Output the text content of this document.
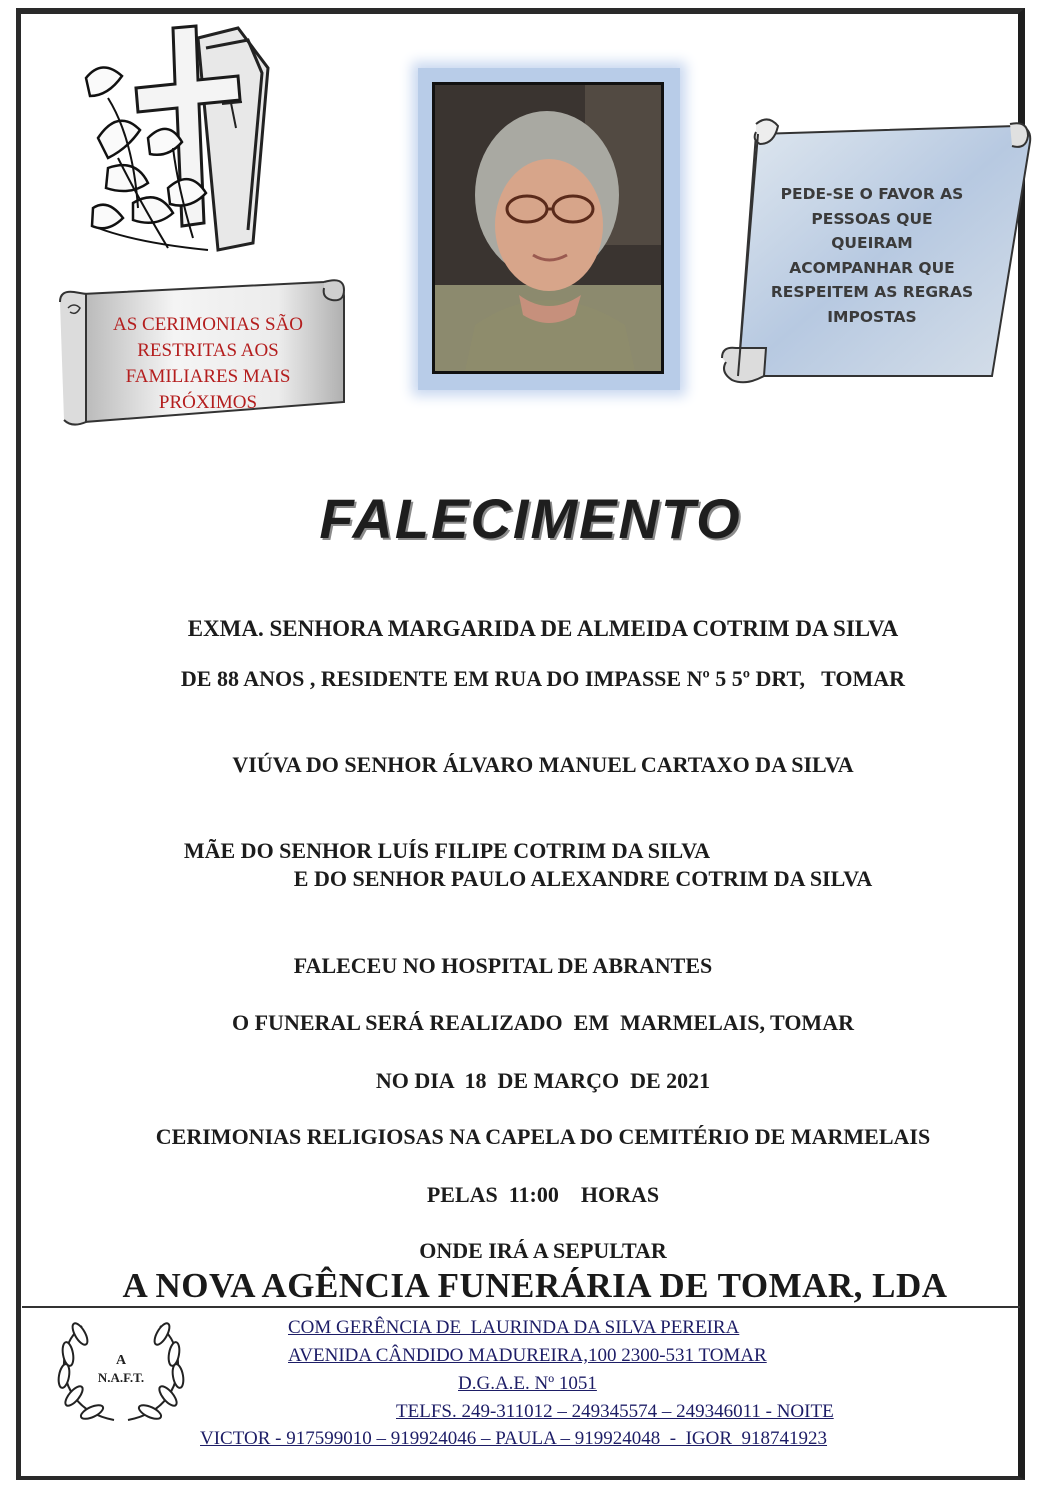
AS CERIMONIAS SÃO RESTRITAS AOS FAMILIARES MAIS PRÓXIMOS
PEDE-SE O FAVOR AS PESSOAS QUE QUEIRAM ACOMPANHAR QUE RESPEITEM AS REGRAS IMPOSTAS
FALECIMENTO

EXMA. SENHORA MARGARIDA DE ALMEIDA COTRIM DA SILVA

DE 88 ANOS , RESIDENTE EM RUA DO IMPASSE Nº 5 5º DRT,   TOMAR

VIÚVA DO SENHOR ÁLVARO MANUEL CARTAXO DA SILVA

MÃE DO SENHOR LUÍS FILIPE COTRIM DA SILVA

E DO SENHOR PAULO ALEXANDRE COTRIM DA SILVA

FALECEU NO HOSPITAL DE ABRANTES

O FUNERAL SERÁ REALIZADO  EM  MARMELAIS, TOMAR

NO DIA  18  DE MARÇO  DE 2021

CERIMONIAS RELIGIOSAS NA CAPELA DO CEMITÉRIO DE MARMELAIS

PELAS  11:00    HORAS

ONDE IRÁ A SEPULTAR

A NOVA AGÊNCIA FUNERÁRIA DE TOMAR, LDA

A
N.A.F.T.
COM GERÊNCIA DE  LAURINDA DA SILVA PEREIRA
AVENIDA CÂNDIDO MADUREIRA,100 2300-531 TOMAR
D.G.A.E. Nº 1051
TELFS. 249-311012 – 249345574 – 249346011 - NOITE
VICTOR - 917599010 – 919924046 – PAULA – 919924048  -  IGOR  918741923
